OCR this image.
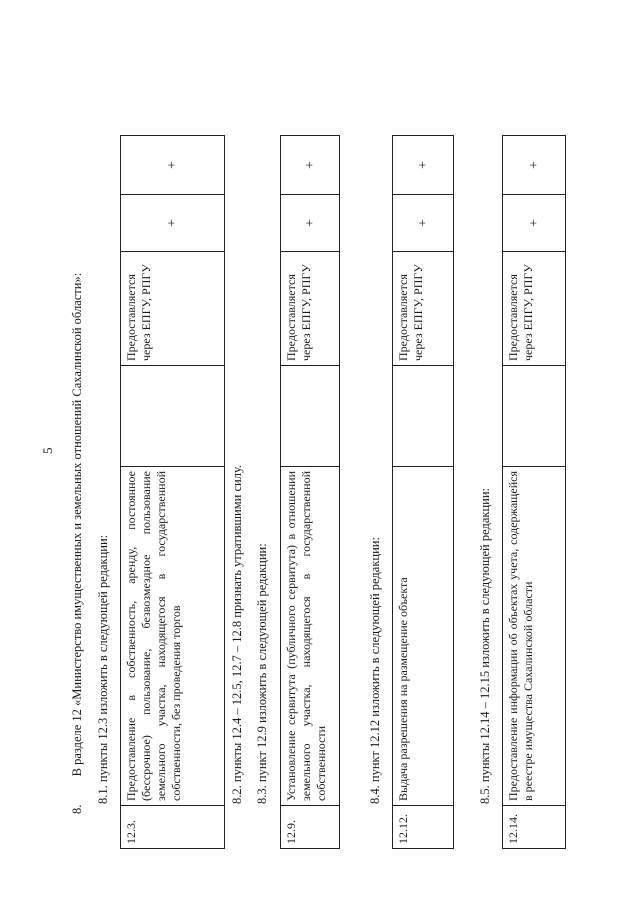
5
8.  В разделе 12 «Министерство имущественных и земельных отношений Сахалинской области»: 8.1. пункты 12.3 изложить в следующей редакции:
12.3.	Предоставление в собственность, аренду, постоянное (бессрочное) пользование, безвозмездное пользование земельного участка, находящегося в государственной собственности, без проведения торгов		Предоставляется через ЕПГУ, РПГУ	+	+
8.2. пункты 12.4 – 12.5, 12.7 – 12.8 признать утратившими силу. 8.3. пункт 12.9 изложить в следующей редакции:
12.9.	Установление сервитута (публичного сервитута) в отношении земельного участка, находящегося в государственной собственности		Предоставляется через ЕПГУ, РПГУ	+	+
8.4. пункт 12.12 изложить в следующей редакции:
12.12.	Выдача разрешения на размещение объекта		Предоставляется через ЕПГУ, РПГУ	+	+
8.5. пункты 12.14 – 12.15 изложить в следующей редакции:
12.14.	Предоставление информации об объектах учета, содержащейся в реестре имущества Сахалинской области		Предоставляется через ЕПГУ, РПГУ	+	+
